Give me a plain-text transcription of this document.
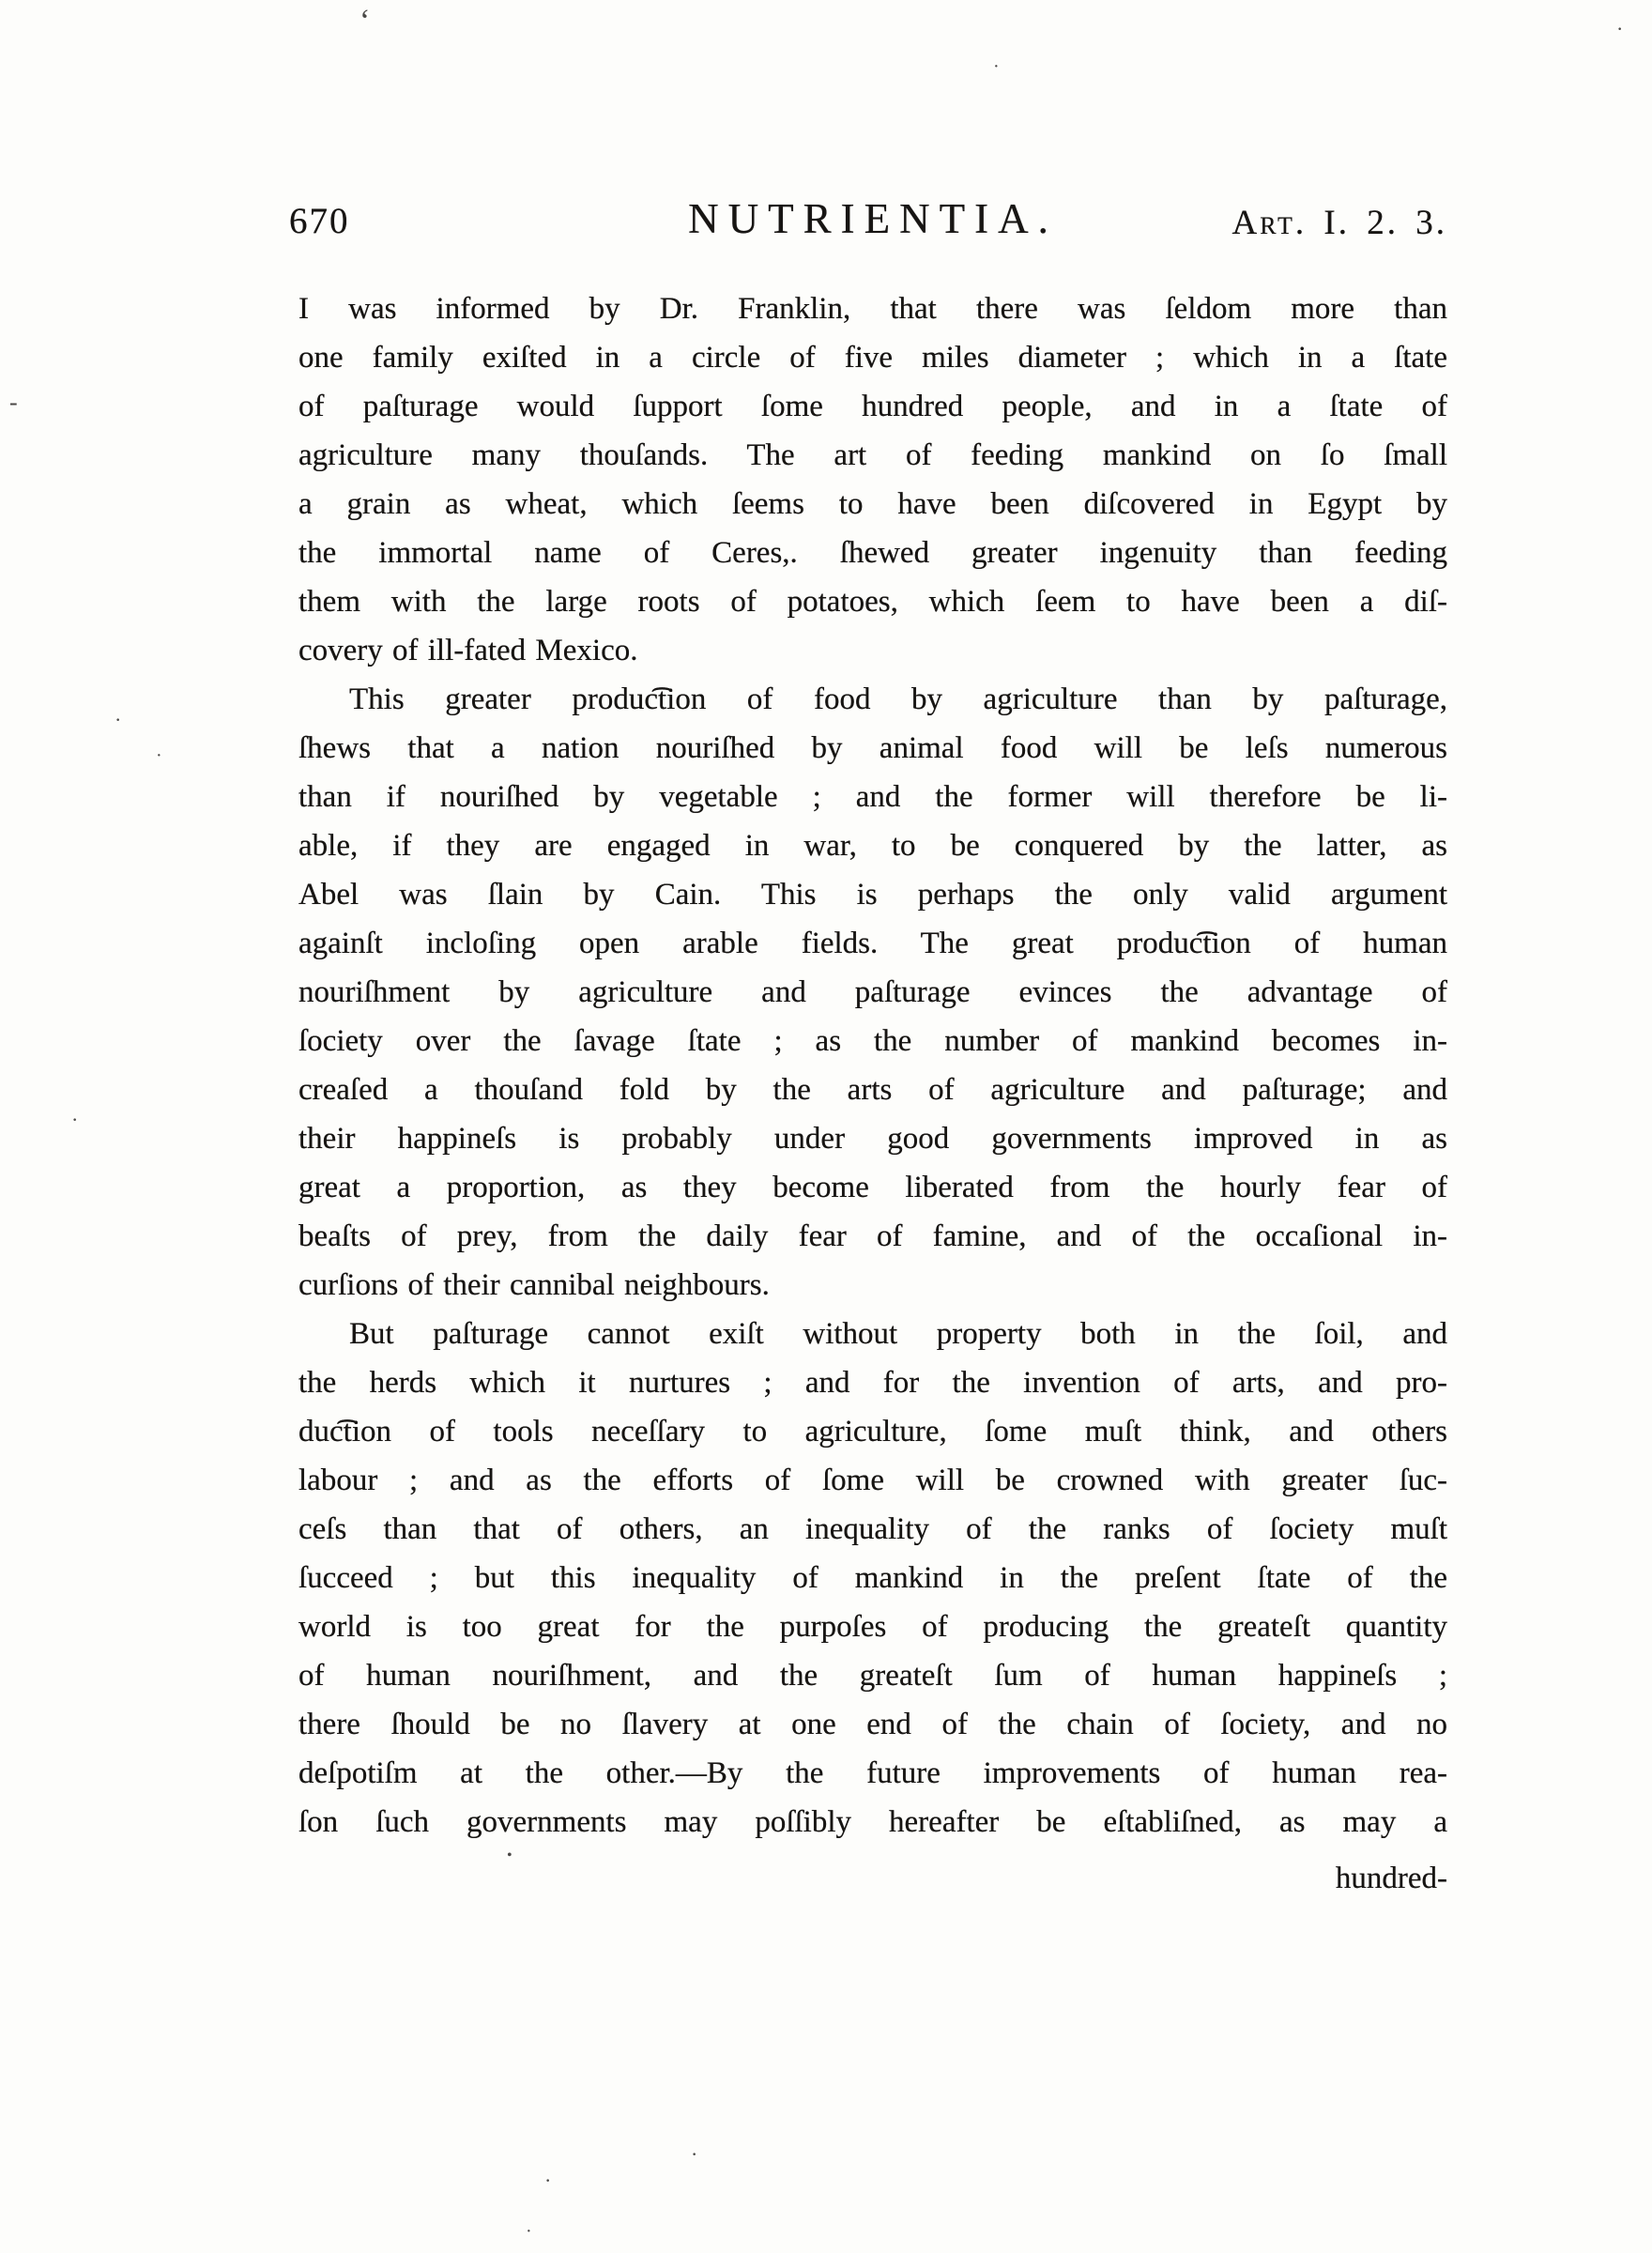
670	NUTRIENTIA.	Art. I. 2. 3.
I was informed by Dr. Franklin, that there was ſeldom more than
one family exiſted in a circle of five miles diameter ; which in a ſtate
of paſturage would ſupport ſome hundred people, and in a ſtate of
agriculture many thouſands. The art of feeding mankind on ſo ſmall
a grain as wheat, which ſeems to have been diſcovered in Egypt by
the immortal name of Ceres,. ſhewed greater ingenuity than feeding
them with the large roots of potatoes, which ſeem to have been a diſ-
covery of ill-fated Mexico.
This greater produc͡tion of food by agriculture than by paſturage,
ſhews that a nation nouriſhed by animal food will be leſs numerous
than if nouriſhed by vegetable ; and the former will therefore be li-
able, if they are engaged in war, to be conquered by the latter, as
Abel was ſlain by Cain. This is perhaps the only valid argument
againſt incloſing open arable fields. The great produc͡tion of human
nouriſhment by agriculture and paſturage evinces the advantage of
ſociety over the ſavage ſtate ; as the number of mankind becomes in-
creaſed a thouſand fold by the arts of agriculture and paſturage; and
their happineſs is probably under good governments improved in as
great a proportion, as they become liberated from the hourly fear of
beaſts of prey, from the daily fear of famine, and of the occaſional in-
curſions of their cannibal neighbours.
But paſturage cannot exiſt without property both in the ſoil, and
the herds which it nurtures ; and for the invention of arts, and pro-
duc͡tion of tools neceſſary to agriculture, ſome muſt think, and others
labour ; and as the efforts of ſome will be crowned with greater ſuc-
ceſs than that of others, an inequality of the ranks of ſociety muſt
ſucceed ; but this inequality of mankind in the preſent ſtate of the
world is too great for the purpoſes of producing the greateſt quantity
of human nouriſhment, and the greateſt ſum of human happineſs ;
there ſhould be no ſlavery at one end of the chain of ſociety, and no
deſpotiſm at the other.—By the future improvements of human rea-
ſon ſuch governments may poſſibly hereafter be eſtabliſned, as may a
hundred-
ʻ	·
·
-
·
·
·
•
·
·
·
